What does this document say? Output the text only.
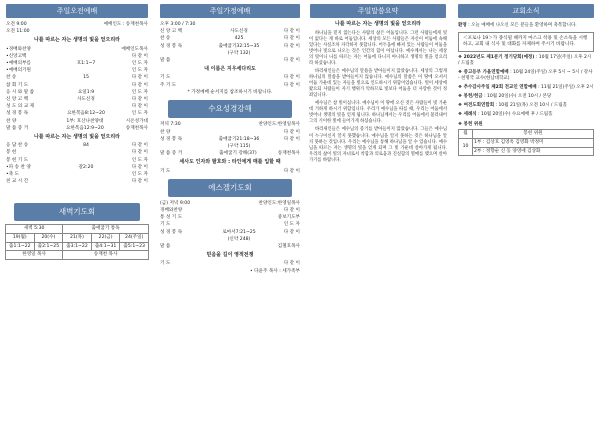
주일오전예배
오전 9:00	예배인도 : 송재천목사
오전 11:00
나를 따르는 자는 생명의 빛을 얻으리라
•경배와찬양	예배인도목사
•신앙고백	다 같 이
•예배의부름	호1:1~7	인 도 자
•예배의기원	인 도 자
찬 송	15	다 같 이
참 회 기 도	다 같 이
응 시 와 말 씀	요일1:9	인 도 자
신 앙 고 백	사도신경	다 같 이
성 도 의 교 제	다 같 이
성 경 봉 독	요한복음8:12~20	인 도 자
찬 양	1부: 호산나찬양대	시온성가대
말 씀 증 거	요한복음12:9~20	송재천목사
나를 따르는 자는 생명의 빛을 얻으리라
응 답 찬 송	84	다 같 이
봉 헌	다 같 이
봉 헌 기 도	인 도 자
•파 송 찬 양	갈2:20	다 같 이
•축 도	인 도 자
친 교 시 간	다 같 이
새벽기도회
새벽 5:30		출애굽기 통독		
19(월)	20(수)	21(목)	22(금)	24(주일)
출1:1~22	출2:1~25	출3:1~22	출4:1~31	출5:1~23
한영일 목사		송재천 목사		
주일가정예배
오후 3:00 / 7:30
신 앙 고 백	사도신경	다 같 이
찬 송	425	다 같 이
성 경 봉 독	출애굽기32:15~35	다 같 이
(구약 132)
말 씀	다 같 이
내 이름은 지우세다리도
기 도	다 같 이
주 기 도	다 같 이
* 가정예배 순서지를 참조하시기 바랍니다.
수요성경강해
저녁 7:30	찬양인도:한영일목사
찬 양	다 같 이
성 경 봉 독	출애굽기21:18~36	다 같 이
(구약 115)
말 씀 증 거	출애굽기 강해(37)	송재천목사
세사도 인자와 팔호와 : 타인에게 매를 입할 때
기 도	다 같 이
에스겔기도회
(금) 저녁 9:00	찬양인도:한영일목사
경배와찬양	다 같 이
통 성 기 도	중보기도부
기 도	인 도 자
성 경 봉 독	로마서7:21~25	다 같 이
(신약 248)
말 씀	김철호목사
믿음을 길이 영적전쟁
기 도	다 같 이
• 다윤주 목사 : 세가족부
주일말씀요약
나를 따르는 자는 생명의 빛을 얻으리라
하나님을 믿지 않는다는 사람의 삶은 어둠입니다. 그런 사람들에게 빛이 없다는 게 바로 어둠입니다. 세상의 모든 사람들은 자신이 어둠에 속해 있다는 사실조차 자각하지 못합니다. 어두움에 빠져 있는 사람들이 어둠을 벗어나 빛으로 나오는 것은 인간의 힘이 아닙니다. 예수께서는 나는 세상의 빛이니 나를 따르는 자는 어둠에 다니지 아니하고 생명의 빛을 얻으리라 하셨습니다.
바리새인들은 예수님의 말씀을 받아들이지 않았습니다. 세상의 그렇게 하나님의 말씀을 받아들이지 않습니다. 예수님의 말씀은 이 땅에 오셔서 어둠 가운데 있는 자들을 빛으로 인도하시기 위함이었습니다. 빛이 세상에 왔으되 사람들이 자기 행위가 악하므로 빛보다 어둠을 더 사랑한 것이 정죄입니다.
예수님은 참 빛이십니다. 예수님이 이 땅에 오신 것은 사람들이 빛 가운데 거하게 하시기 위함입니다. 우리가 예수님을 따를 때, 우리는 어둠에서 벗어나 생명의 빛을 얻게 됩니다. 하나님께서는 우리를 어둠에서 불러내어 그의 기이한 빛에 들어가게 하셨습니다.
바리새인들은 예수님의 증거를 받아들이지 않았습니다. 그들은 예수님이 누구이신지 알지 못했습니다. 예수님을 알지 못하는 것은 하나님을 알지 못하는 것입니다. 우리는 예수님을 통해 하나님을 알 수 있습니다. 예수님을 따르는 자는 생명의 빛을 얻게 되며 그 빛 가운데 살아가게 됩니다. 우리의 삶이 빛의 자녀로서 착함과 의로움과 진실함의 열매를 맺으며 살아가기를 바랍니다.
교회소식
환영 : 오늘 예배에 나오신 모든 분들을 환영하며 축복합니다.
＜포로나 19＞가 종식될 때까지 마스크 착용 및 손소독을 시행하고, 교회 내 식사 및 대화를 자제하여 주시기 바랍니다.
❖ 2022년도 제1분기 정기당회(예정) : 10월 17일(주일) 오후 2시 / 드림홀
❖ 중고등부 가을연합예배 : 10월 24일(주일) 오후 5시 ~ 5시 / 강사 - 천명국 교수(한남대학교)
❖ 추수감사주일 제2회 전교인 연합예배 : 11월 21일(주일) 오후 2시
❖ 봉헌/헌금 : 10월 20일(수) 오전 10시 / 본당
❖ 여전도회연합회 : 10월 21일(목) 오전 10시 / 드림홀
❖ 세례식 : 10월 20일(수) 수요예배 후 / 드림홀
❖ 봉헌 위원
월	봉헌 위원
10	1부 : 김상호 김영옥 김영화 박정미
	2부 : 정향순 신 동 양영애 김상화
